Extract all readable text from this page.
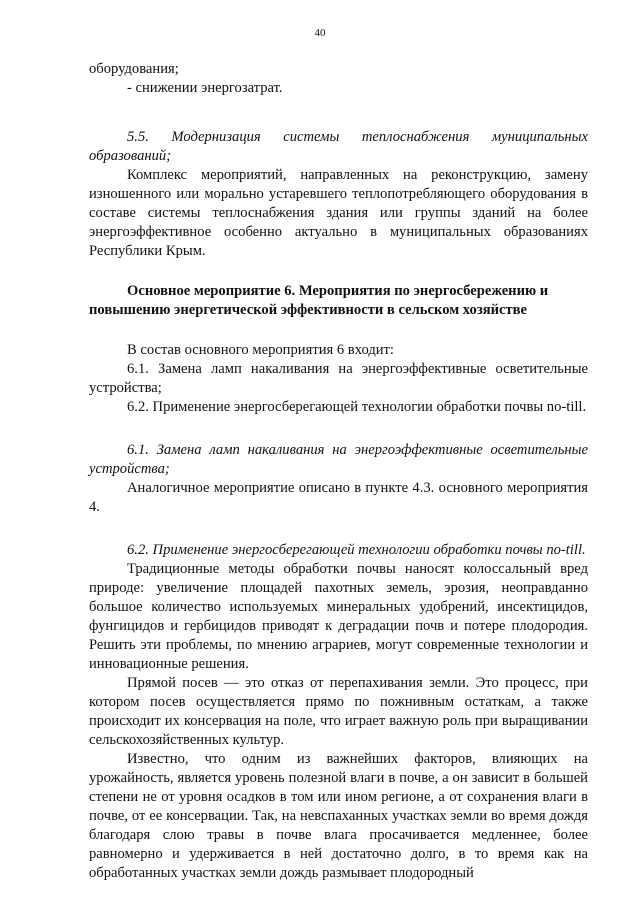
40

оборудования;

- снижении энергозатрат.

5.5. Модернизация системы теплоснабжения муниципальных образований;

Комплекс мероприятий, направленных на реконструкцию, замену изношенного или морально устаревшего теплопотребляющего оборудования в составе системы теплоснабжения здания или группы зданий на более энергоэффективное особенно актуально в муниципальных образованиях Республики Крым.

Основное мероприятие 6. Мероприятия по энергосбережению и повышению энергетической эффективности в сельском хозяйстве

В состав основного мероприятия 6 входит:

6.1. Замена ламп накаливания на энергоэффективные осветительные устройства;

6.2. Применение энергосберегающей технологии обработки почвы no-till.

6.1. Замена ламп накаливания на энергоэффективные осветительные устройства;

Аналогичное мероприятие описано в пункте 4.3. основного мероприятия 4.

6.2. Применение энергосберегающей технологии обработки почвы no-till.

Традиционные методы обработки почвы наносят колоссальный вред природе: увеличение площадей пахотных земель, эрозия, неоправданно большое количество используемых минеральных удобрений, инсектицидов, фунгицидов и гербицидов приводят к деградации почв и потере плодородия. Решить эти проблемы, по мнению аграриев, могут современные технологии и инновационные решения.

Прямой посев — это отказ от перепахивания земли. Это процесс, при котором посев осуществляется прямо по пожнивным остаткам, а также происходит их консервация на поле, что играет важную роль при выращивании сельскохозяйственных культур.

Известно, что одним из важнейших факторов, влияющих на урожайность, является уровень полезной влаги в почве, а он зависит в большей степени не от уровня осадков в том или ином регионе, а от сохранения влаги в почве, от ее консервации. Так, на невспаханных участках земли во время дождя благодаря слою травы в почве влага просачивается медленнее, более равномерно и удерживается в ней достаточно долго, в то время как на обработанных участках земли дождь размывает плодородный
